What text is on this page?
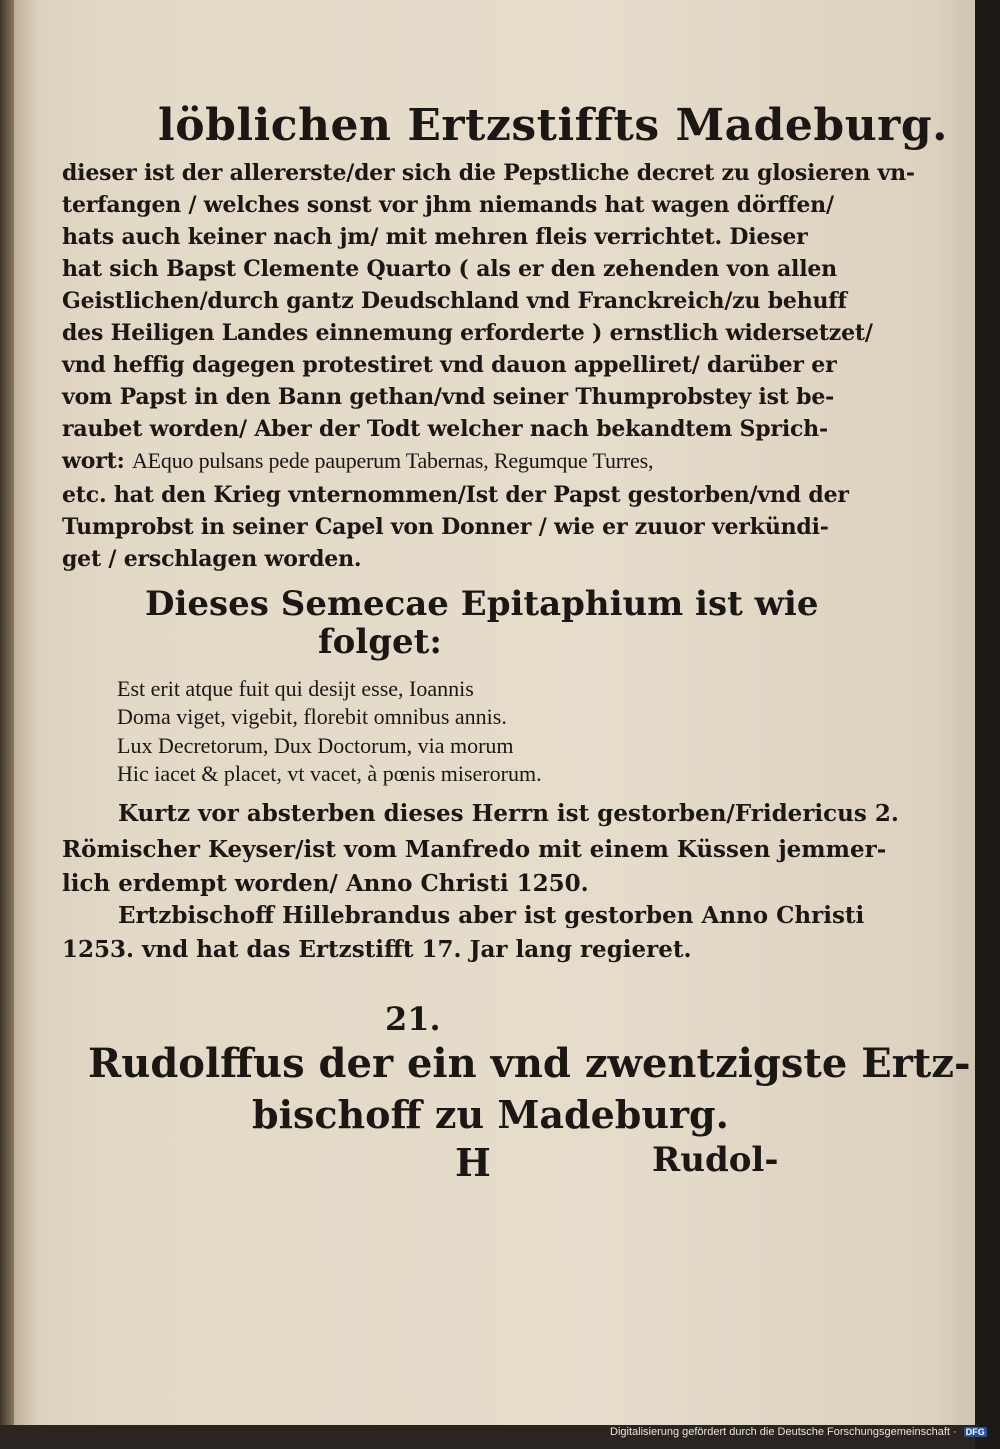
löblichen Ertzstiffts Madeburg.
dieser ist der allererste/der sich die Pepstliche decret zu glosieren vn-
terfangen / welches sonst vor jhm niemands hat wagen dörffen/
hats auch keiner nach jm/ mit mehren fleis verrichtet. Dieser
hat sich Bapst Clemente Quarto ( als er den zehenden von allen
Geistlichen/durch gantz Deudschland vnd Franckreich/zu behuff
des Heiligen Landes einnemung erforderte ) ernstlich widersetzet/
vnd heffig dagegen protestiret vnd dauon appelliret/ darüber er
vom Papst in den Bann gethan/vnd seiner Thumprobstey ist be-
raubet worden/ Aber der Todt welcher nach bekandtem Sprich-
wort: AEquo pulsans pede pauperum Tabernas, Regumque Turres,
etc. hat den Krieg vnternommen/Ist der Papst gestorben/vnd der
Tumprobst in seiner Capel von Donner / wie er zuuor verkündi-
get / erschlagen worden.
Dieses Semecae Epitaphium ist wie
folget:
Est erit atque fuit qui desijt esse, Ioannis
Doma viget, vigebit, florebit omnibus annis.
Lux Decretorum, Dux Doctorum, via morum
Hic iacet & placet, vt vacet, à pœnis miserorum.
Kurtz vor absterben dieses Herrn ist gestorben/Fridericus 2.
Römischer Keyser/ist vom Manfredo mit einem Küssen jemmer-
lich erdempt worden/ Anno Christi 1250.
Ertzbischoff Hillebrandus aber ist gestorben Anno Christi
1253. vnd hat das Ertzstifft 17. Jar lang regieret.
21.
Rudolffus der ein vnd zwentzigste Ertz-
bischoff zu Madeburg.
H	Rudol-
Digitalisierung gefördert durch die Deutsche Forschungsgemeinschaft · DFG
